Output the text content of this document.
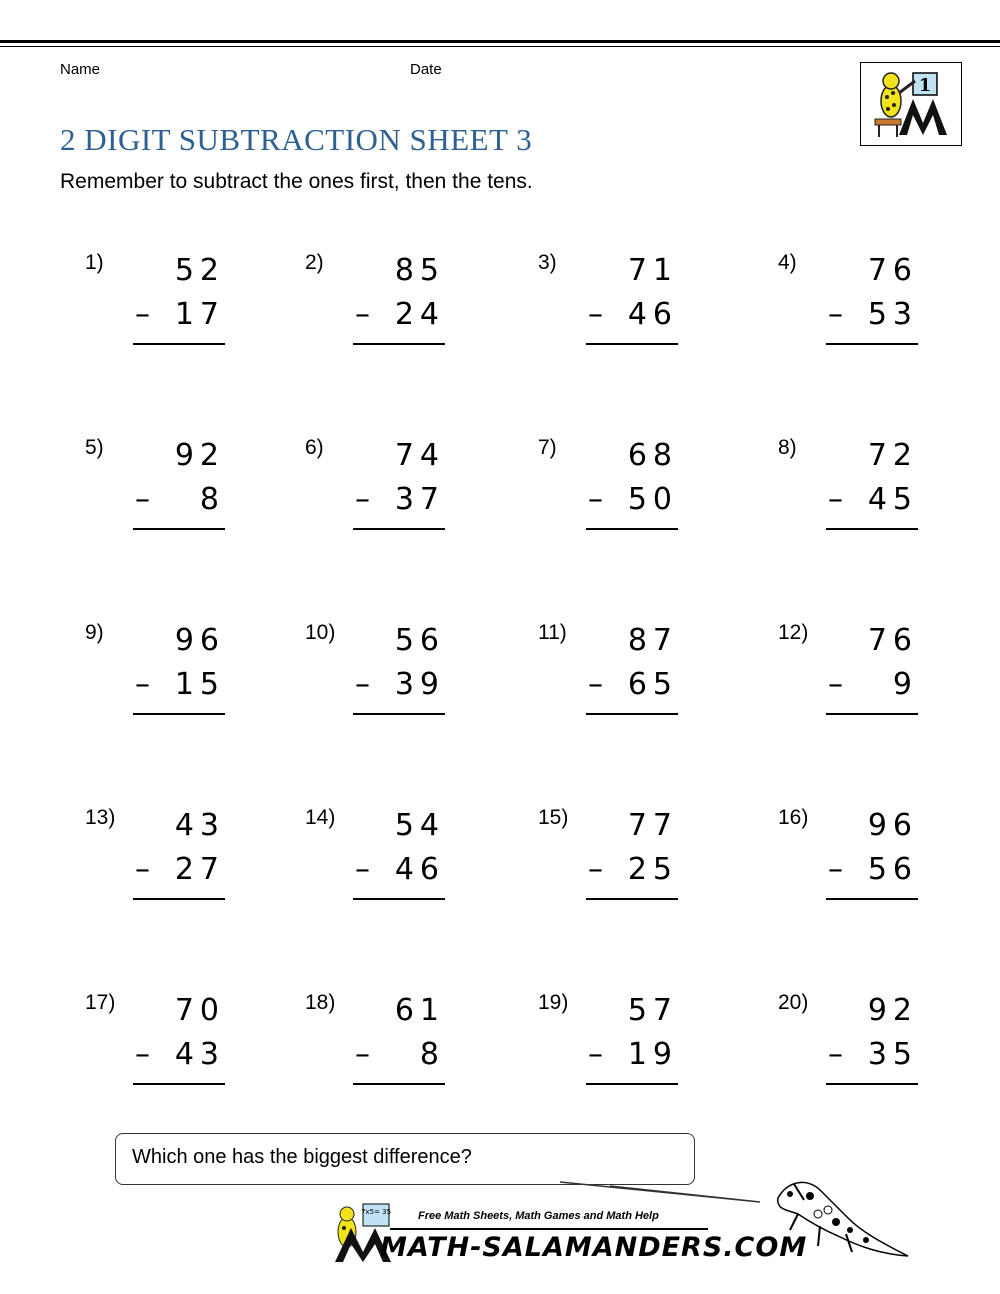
Name	Date
1
2 DIGIT SUBTRACTION SHEET 3
Remember to subtract the ones first, then the tens.
1)	52
– 17
2)	85
– 24
3)	71
– 46
4)	76
– 53
5)	92
–	8
6)	74
– 37
7)	68
– 50
8)	72
– 45
9)	96
– 15
10)	56
– 39
11)	87
– 65
12)	76
–	9
13)	43
– 27
14)	54
– 46
15)	77
– 25
16)	96
– 56
17)	70
– 43
18)	61
–	8
19)	57
– 19
20)	92
– 35
Which one has the biggest difference?
7x5= 35 Free Math Sheets, Math Games and Math Help
MATH-SALAMANDERS.COM
